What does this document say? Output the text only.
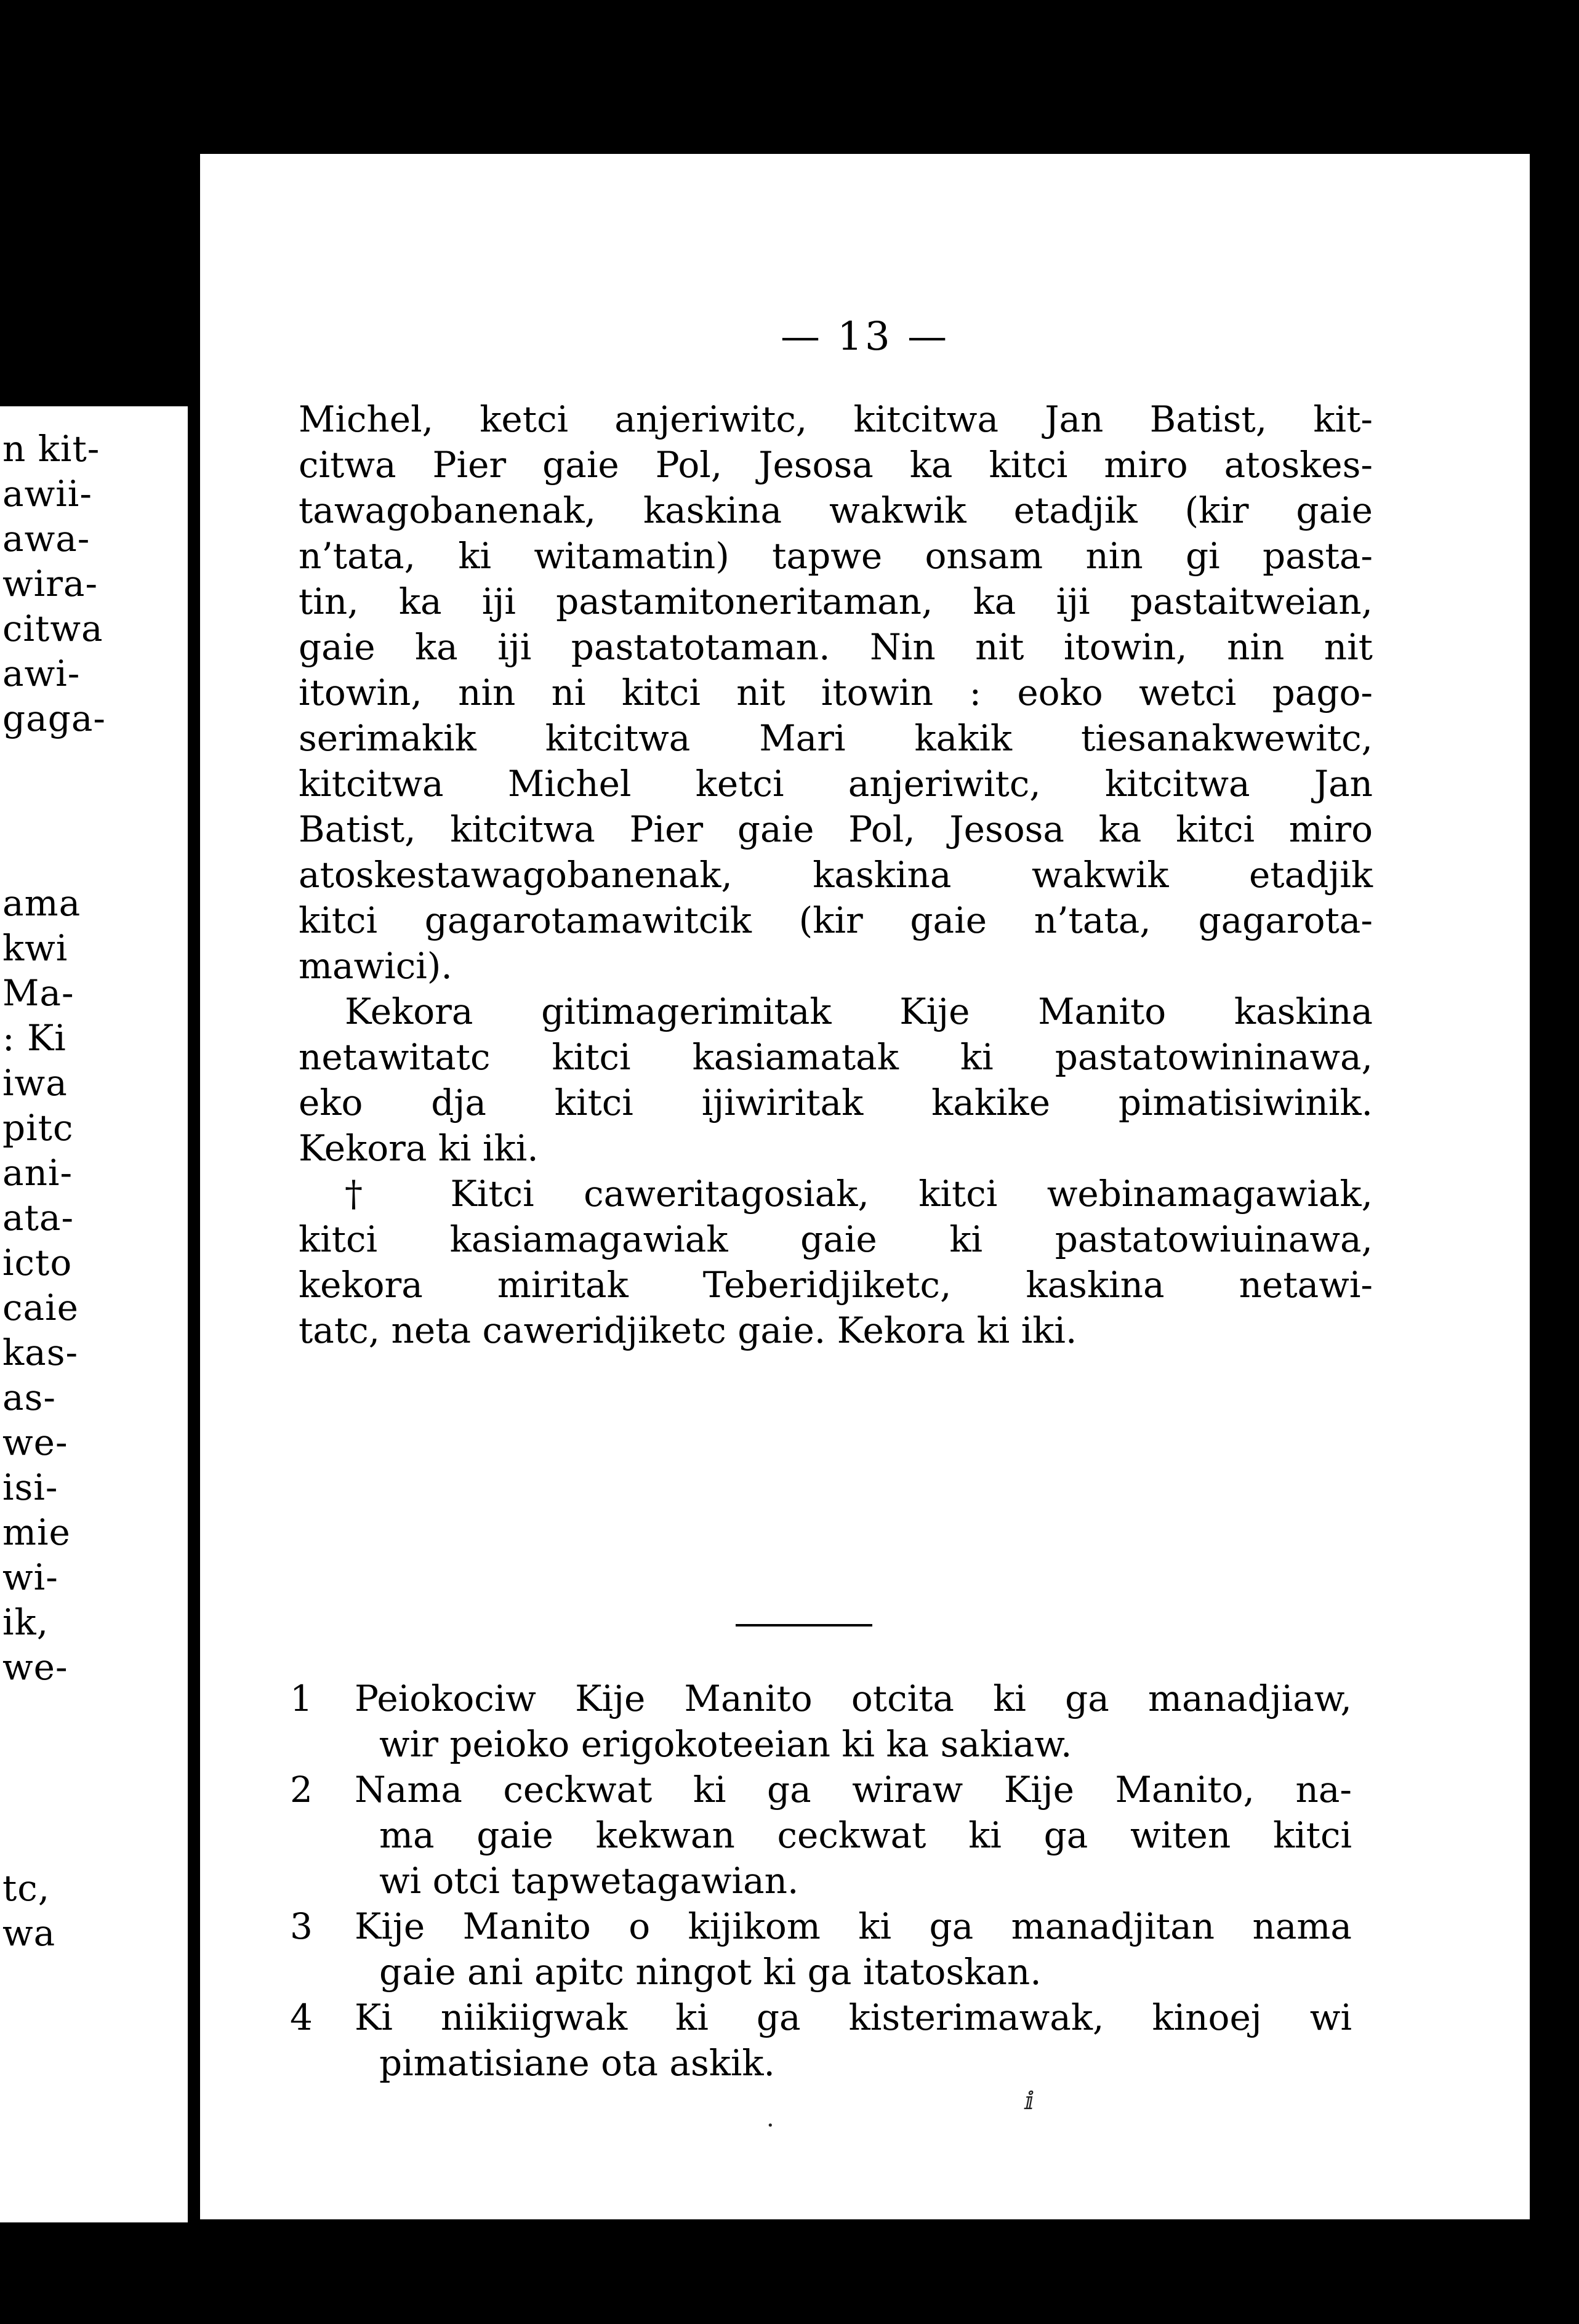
n kit-
awii-
awa-
wira-
citwa
awi-
gaga-
ama
kwi
Ma-
: Ki
iwa
pitc
ani-
ata-
icto
caie
kas-
as-
we-
isi-
mie
wi-
ik,
we-
tc,
wa
— 13 —
Michel, ketci anjeriwitc, kitcitwa Jan Batist, kit-
citwa Pier gaie Pol, Jesosa ka kitci miro atoskes-
tawagobanenak, kaskina wakwik etadjik (kir gaie
n’tata, ki witamatin) tapwe onsam nin gi pasta-
tin, ka iji pastamitoneritaman, ka iji pastaitweian,
gaie ka iji pastatotaman. Nin nit itowin, nin nit
itowin, nin ni kitci nit itowin : eoko wetci pago-
serimakik kitcitwa Mari kakik tiesanakwewitc,
kitcitwa Michel ketci anjeriwitc, kitcitwa Jan
Batist, kitcitwa Pier gaie Pol, Jesosa ka kitci miro
atoskestawagobanenak, kaskina wakwik etadjik
kitci gagarotamawitcik (kir gaie n’tata, gagarota-
mawici).
Kekora gitimagerimitak Kije Manito kaskina
netawitatc kitci kasiamatak ki pastatowininawa,
eko dja kitci ijiwiritak kakike pimatisiwinik.
Kekora ki iki.
† Kitci caweritagosiak, kitci webinamagawiak,
kitci kasiamagawiak gaie ki pastatowiuinawa,
kekora miritak Teberidjiketc, kaskina netawi-
tatc, neta caweridjiketc gaie. Kekora ki iki.
1	Peiokociw Kije Manito otcita ki ga manadjiaw,
wir peioko erigokoteeian ki ka sakiaw.
2	Nama ceckwat ki ga wiraw Kije Manito, na-
ma gaie kekwan ceckwat ki ga witen kitci
wi otci tapwetagawian.
3	Kije Manito o kijikom ki ga manadjitan nama
gaie ani apitc ningot ki ga itatoskan.
4	Ki niikiigwak ki ga kisterimawak, kinoej wi
pimatisiane ota askik.
ⅈ
·
